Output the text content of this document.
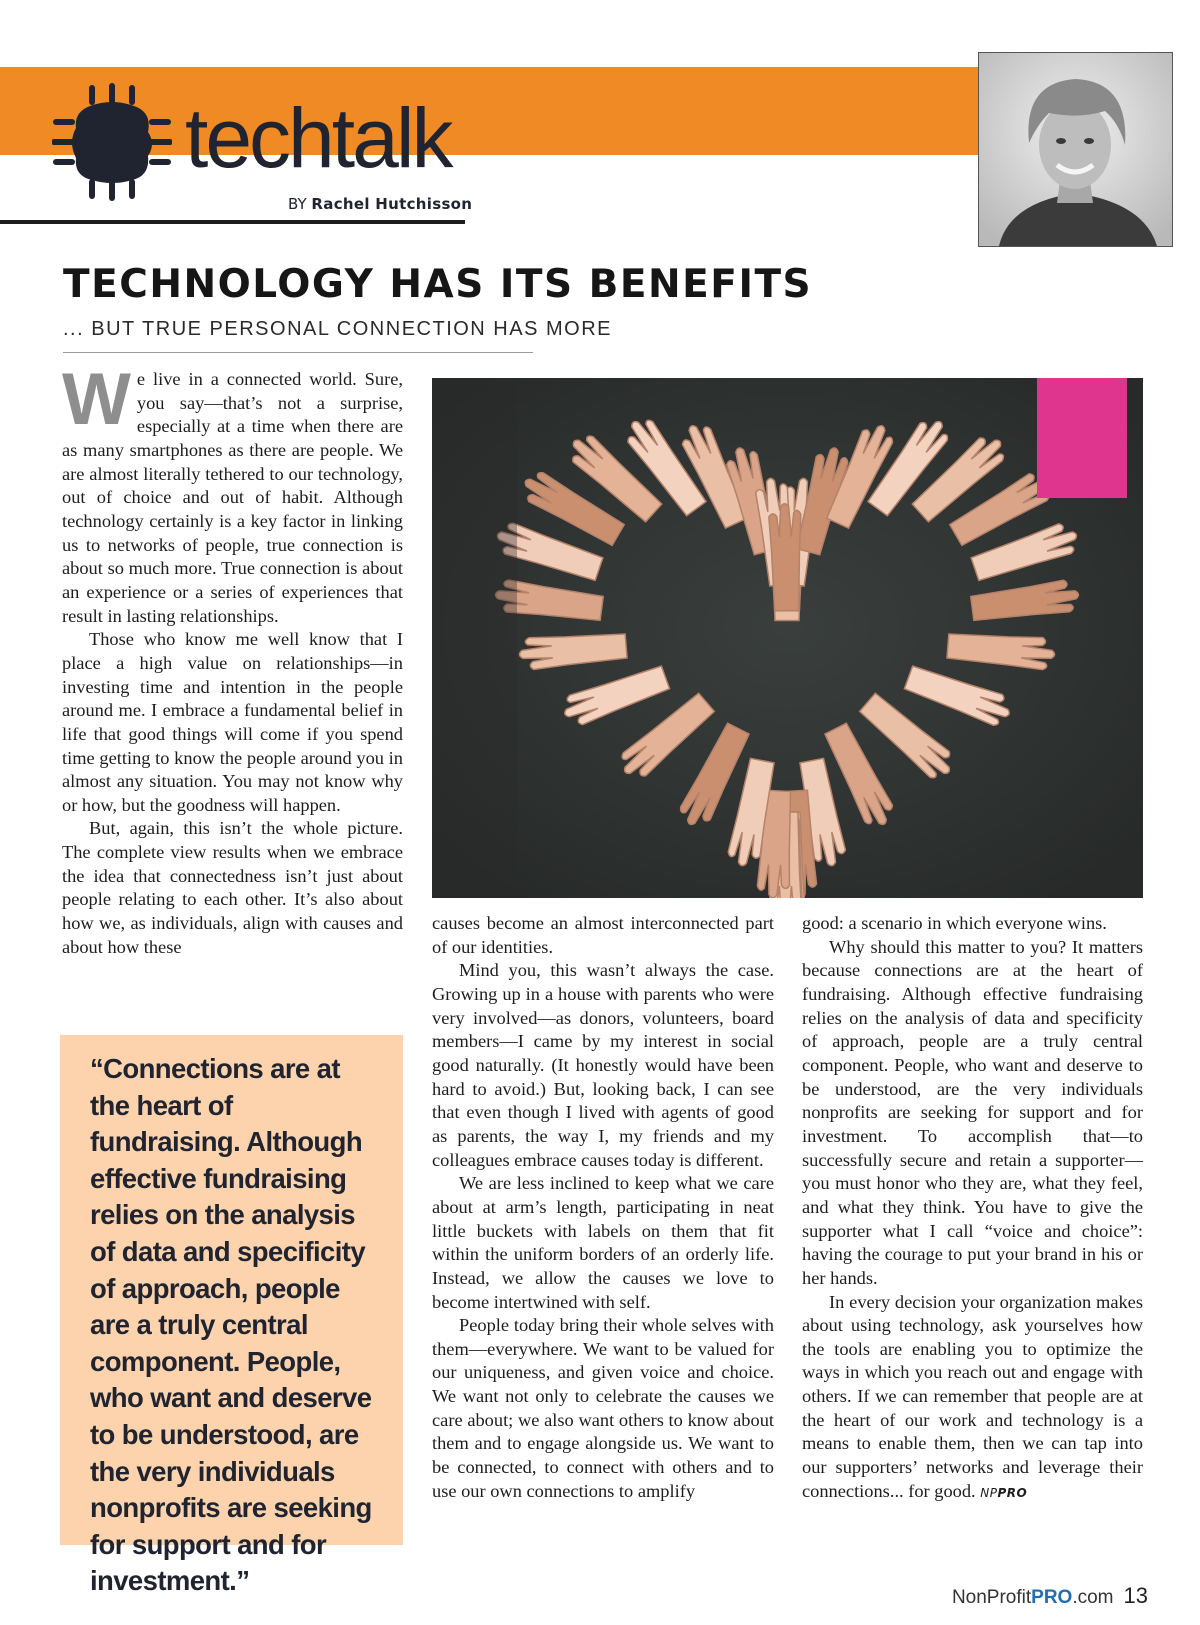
techtalk
BY Rachel Hutchisson
TECHNOLOGY HAS ITS BENEFITS
... BUT TRUE PERSONAL CONNECTION HAS MORE

We live in a connected world. Sure, you say—that’s not a surprise, especially at a time when there are as many smartphones as there are people. We are almost literally tethered to our technology, out of choice and out of habit. Although technology certainly is a key factor in linking us to networks of people, true connection is about so much more. True connection is about an experience or a series of experiences that result in lasting relationships.

Those who know me well know that I place a high value on relationships—in investing time and intention in the people around me. I embrace a fundamental belief in life that good things will come if you spend time getting to know the people around you in almost any situation. You may not know why or how, but the goodness will happen.

But, again, this isn’t the whole picture. The complete view results when we embrace the idea that connectedness isn’t just about people relating to each other. It’s also about how we, as individuals, align with causes and about how these

causes become an almost interconnected part of our identities.

Mind you, this wasn’t always the case. Growing up in a house with parents who were very involved—as donors, volunteers, board members—I came by my interest in social good naturally. (It honestly would have been hard to avoid.) But, looking back, I can see that even though I lived with agents of good as parents, the way I, my friends and my colleagues embrace causes today is different.

We are less inclined to keep what we care about at arm’s length, participating in neat little buckets with labels on them that fit within the uniform borders of an orderly life. Instead, we allow the causes we love to become intertwined with self.

People today bring their whole selves with them—everywhere. We want to be valued for our uniqueness, and given voice and choice. We want not only to celebrate the causes we care about; we also want others to know about them and to engage alongside us. We want to be connected, to connect with others and to use our own connections to amplify

good: a scenario in which everyone wins.

Why should this matter to you? It matters because connections are at the heart of fundraising. Although effective fundraising relies on the analysis of data and specificity of approach, people are a truly central component. People, who want and deserve to be understood, are the very individuals nonprofits are seeking for support and for investment. To accomplish that—to successfully secure and retain a supporter—you must honor who they are, what they feel, and what they think. You have to give the supporter what I call “voice and choice”: having the courage to put your brand in his or her hands.

In every decision your organization makes about using technology, ask yourselves how the tools are enabling you to optimize the ways in which you reach out and engage with others. If we can remember that people are at the heart of our work and technology is a means to enable them, then we can tap into our supporters’ networks and leverage their connections... for good. NPPRO

“Connections are at the heart of fundraising. Although effective fundraising relies on the analysis of data and specificity of approach, people are a truly central component. People, who want and deserve to be understood, are the very individuals nonprofits are seeking for support and for investment.”

NonProfitPRO.com 13
